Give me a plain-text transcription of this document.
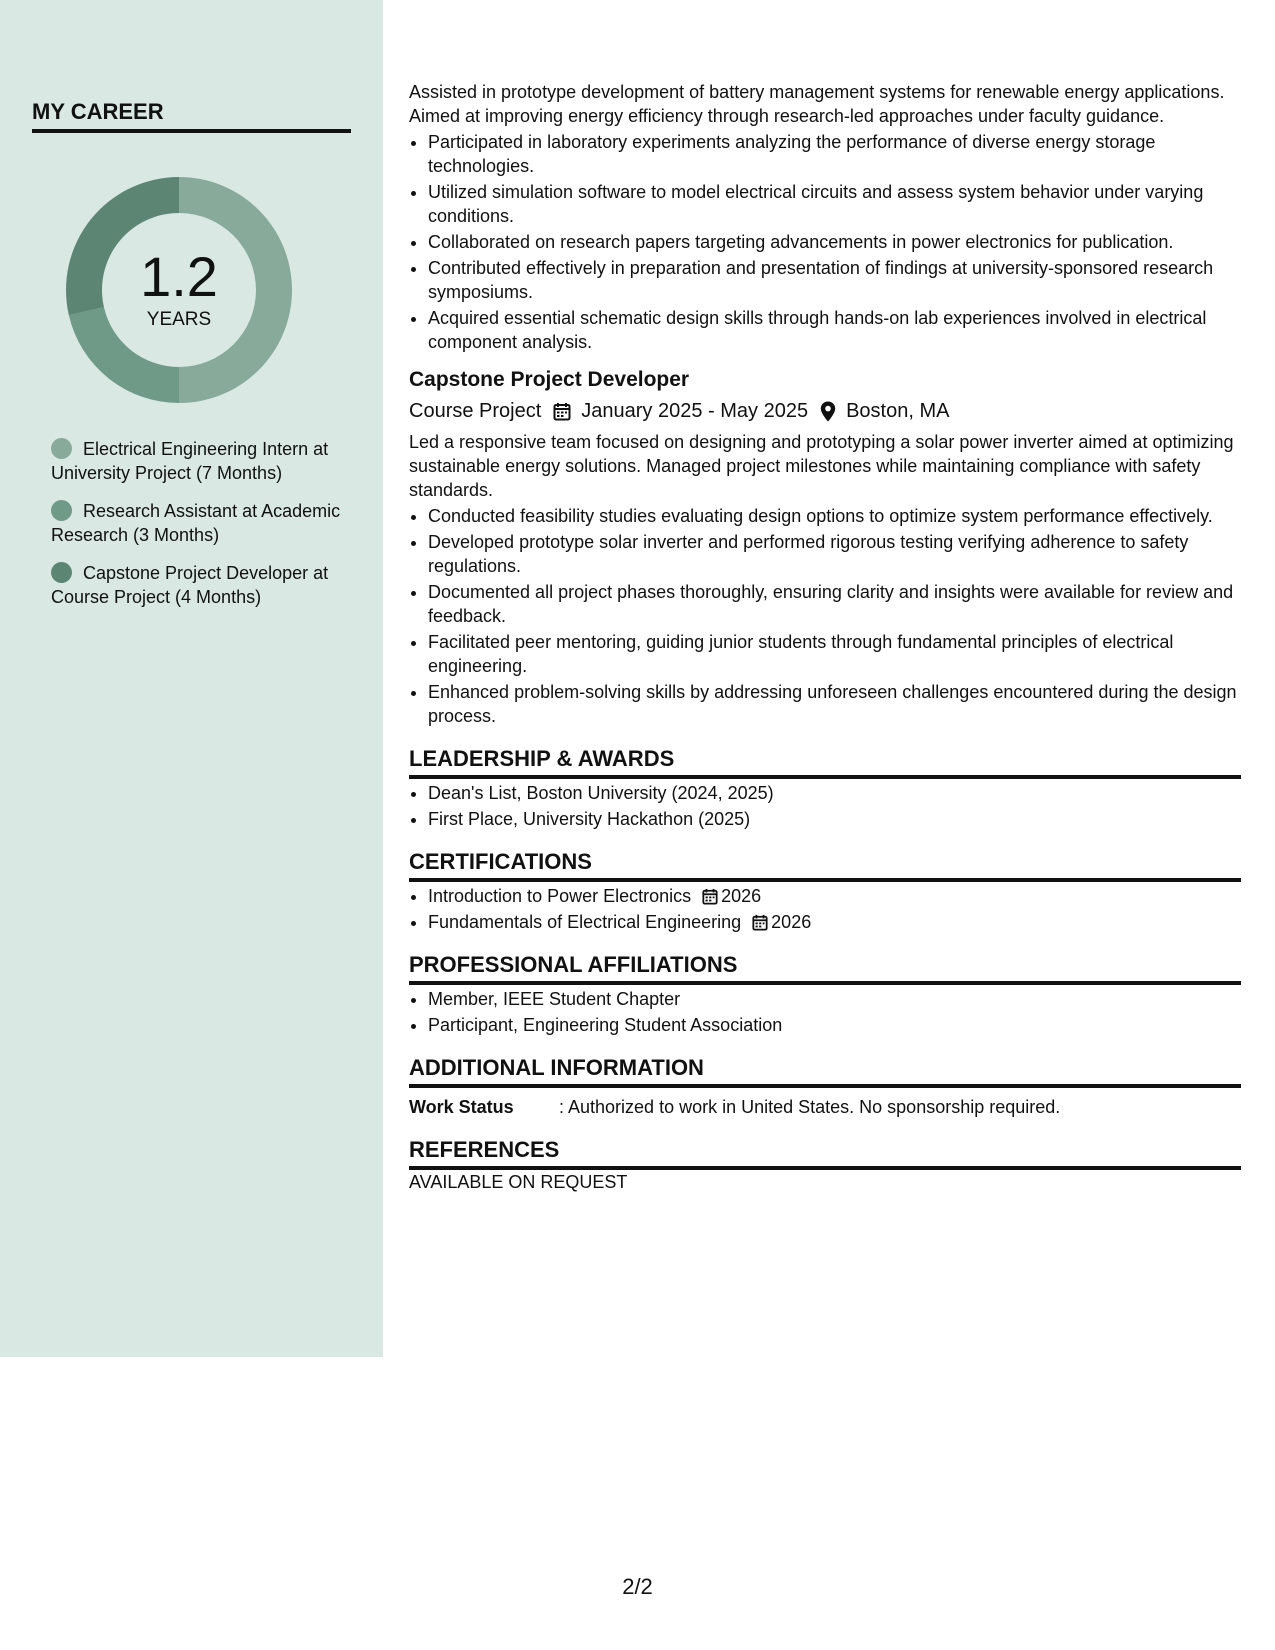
MY CAREER
1.2
YEARS
Electrical Engineering Intern at University Project (7 Months)
Research Assistant at Academic Research (3 Months)
Capstone Project Developer at Course Project (4 Months)

Assisted in prototype development of battery management systems for renewable energy applications. Aimed at improving energy efficiency through research-led approaches under faculty guidance.

• Participated in laboratory experiments analyzing the performance of diverse energy storage technologies.
• Utilized simulation software to model electrical circuits and assess system behavior under varying conditions.
• Collaborated on research papers targeting advancements in power electronics for publication.
• Contributed effectively in preparation and presentation of findings at university-sponsored research symposiums.
• Acquired essential schematic design skills through hands-on lab experiences involved in electrical component analysis.
Capstone Project Developer
Course Project January 2025 - May 2025 Boston, MA

Led a responsive team focused on designing and prototyping a solar power inverter aimed at optimizing sustainable energy solutions. Managed project milestones while maintaining compliance with safety standards.

• Conducted feasibility studies evaluating design options to optimize system performance effectively.
• Developed prototype solar inverter and performed rigorous testing verifying adherence to safety regulations.
• Documented all project phases thoroughly, ensuring clarity and insights were available for review and feedback.
• Facilitated peer mentoring, guiding junior students through fundamental principles of electrical engineering.
• Enhanced problem-solving skills by addressing unforeseen challenges encountered during the design process.
LEADERSHIP & AWARDS
• Dean's List, Boston University (2024, 2025)
• First Place, University Hackathon (2025)
CERTIFICATIONS
• Introduction to Power Electronics 2026
• Fundamentals of Electrical Engineering 2026
PROFESSIONAL AFFILIATIONS
• Member, IEEE Student Chapter
• Participant, Engineering Student Association
ADDITIONAL INFORMATION
Work Status	: Authorized to work in United States. No sponsorship required.
REFERENCES

AVAILABLE ON REQUEST

2/2
